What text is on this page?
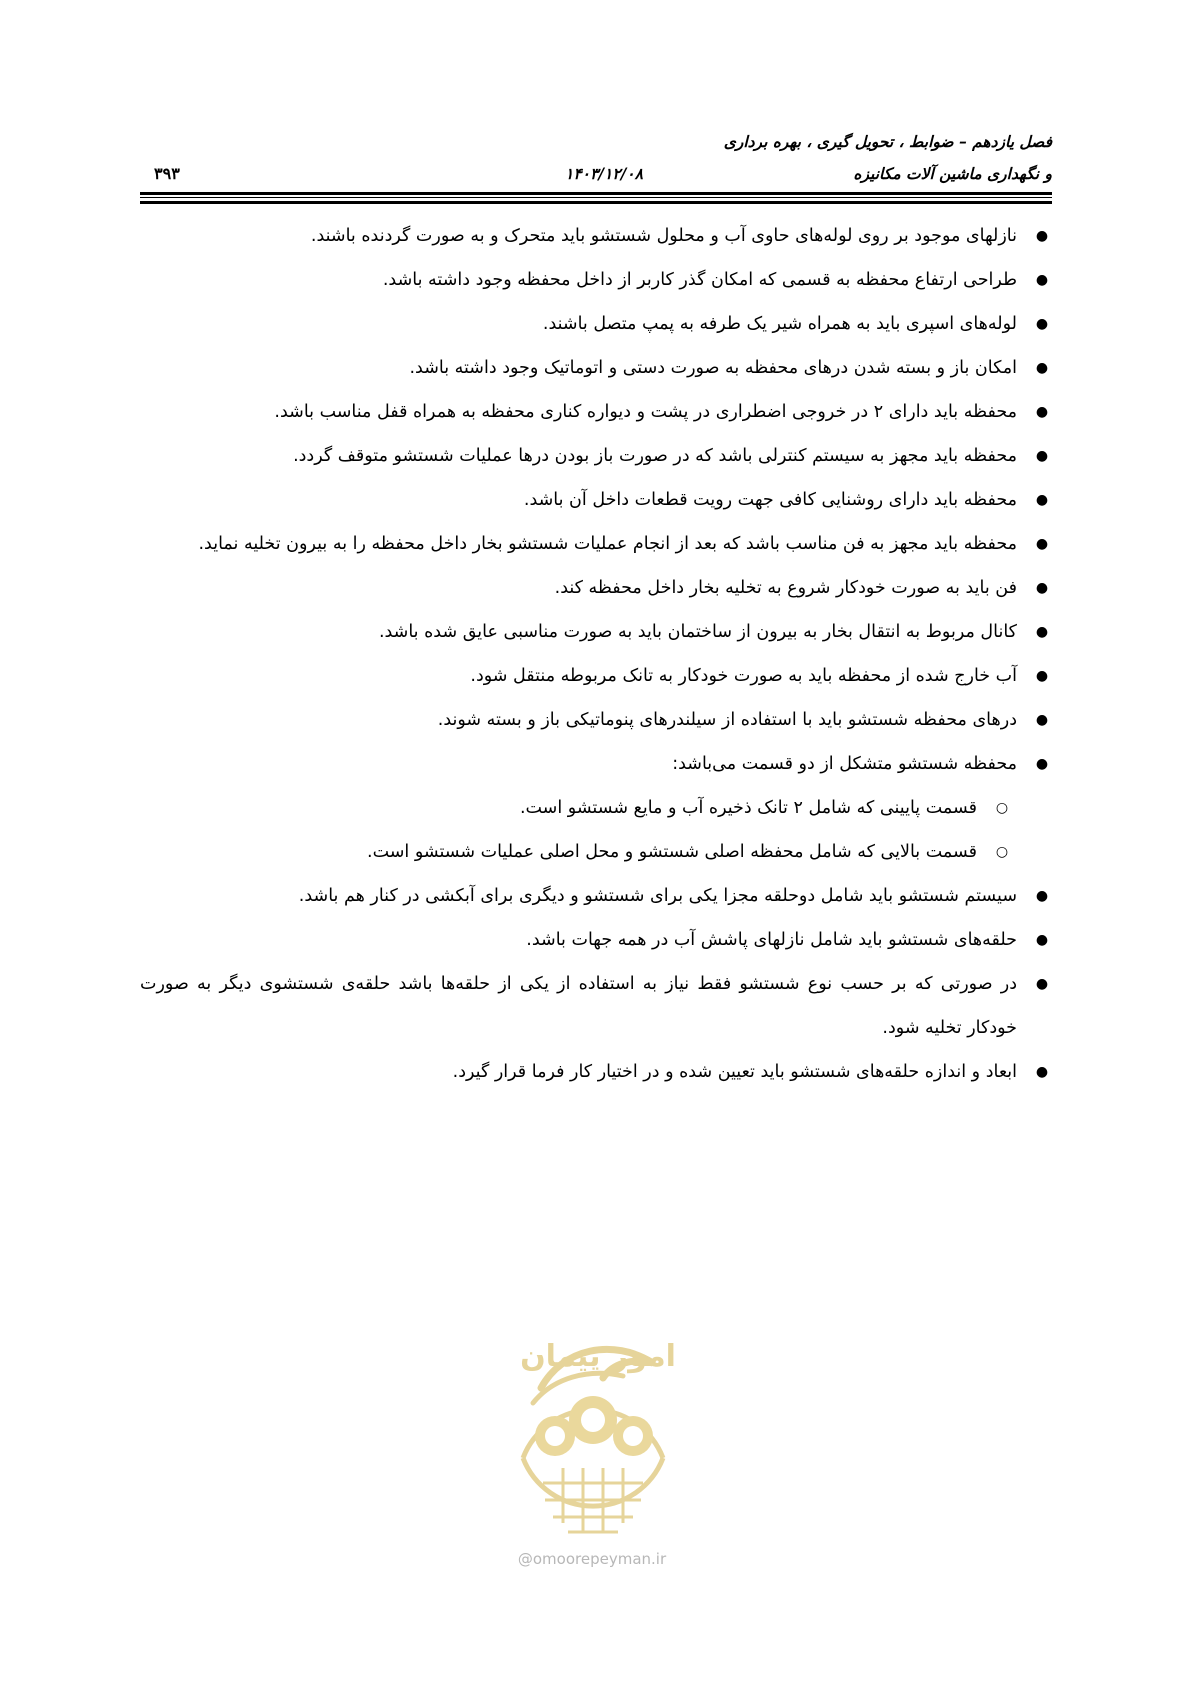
فصل یازدهم – ضوابط ، تحویل گیری ، بهره برداری
و نگهداری ماشین آلات مکانیزه
۱۴۰۳/۱۲/۰۸
۳۹۳
●
نازلهای موجود بر روی لوله‌های حاوی آب و محلول شستشو باید متحرک و به صورت گردنده باشند.
●
طراحی ارتفاع محفظه به قسمی که امکان گذر کاربر از داخل محفظه وجود داشته باشد.
●
لوله‌های اسپری باید به همراه شیر یک طرفه به پمپ متصل باشند.
●
امکان باز و بسته شدن درهای محفظه به صورت دستی و اتوماتیک وجود داشته باشد.
●
محفظه باید دارای ۲ در خروجی اضطراری در پشت و دیواره کناری محفظه به همراه قفل مناسب باشد.
●
محفظه باید مجهز به سیستم کنترلی باشد که در صورت باز بودن درها عملیات شستشو متوقف گردد.
●
محفظه باید دارای روشنایی کافی جهت رویت قطعات داخل آن باشد.
●
محفظه باید مجهز به فن مناسب باشد که بعد از انجام عملیات شستشو بخار داخل محفظه را به بیرون تخلیه نماید.
●
فن باید به صورت خودکار شروع به تخلیه بخار داخل محفظه کند.
●
کانال مربوط به انتقال بخار به بیرون از ساختمان باید به صورت مناسبی عایق شده باشد.
●
آب خارج شده از محفظه باید به صورت خودکار به تانک مربوطه منتقل شود.
●
درهای محفظه شستشو باید با استفاده از سیلندرهای پنوماتیکی باز و بسته شوند.
●
محفظه شستشو متشکل از دو قسمت می‌باشد:
○
قسمت پایینی که شامل ۲ تانک ذخیره آب و مایع شستشو است.
○
قسمت بالایی که شامل محفظه اصلی شستشو و محل اصلی عملیات شستشو است.
●
سیستم شستشو باید شامل دوحلقه مجزا یکی برای شستشو و دیگری برای آبکشی در کنار هم باشد.
●
حلقه‌های شستشو باید شامل نازلهای پاشش آب در همه جهات باشد.
●
در صورتی که بر حسب نوع شستشو فقط نیاز به استفاده از یکی از حلقه‌ها باشد حلقه‌ی شستشوی دیگر به صورت خودکار تخلیه شود.
●
ابعاد و اندازه حلقه‌های شستشو باید تعیین شده و در اختیار کار فرما قرار گیرد.
امور پیمان
@omoorepeyman.ir
